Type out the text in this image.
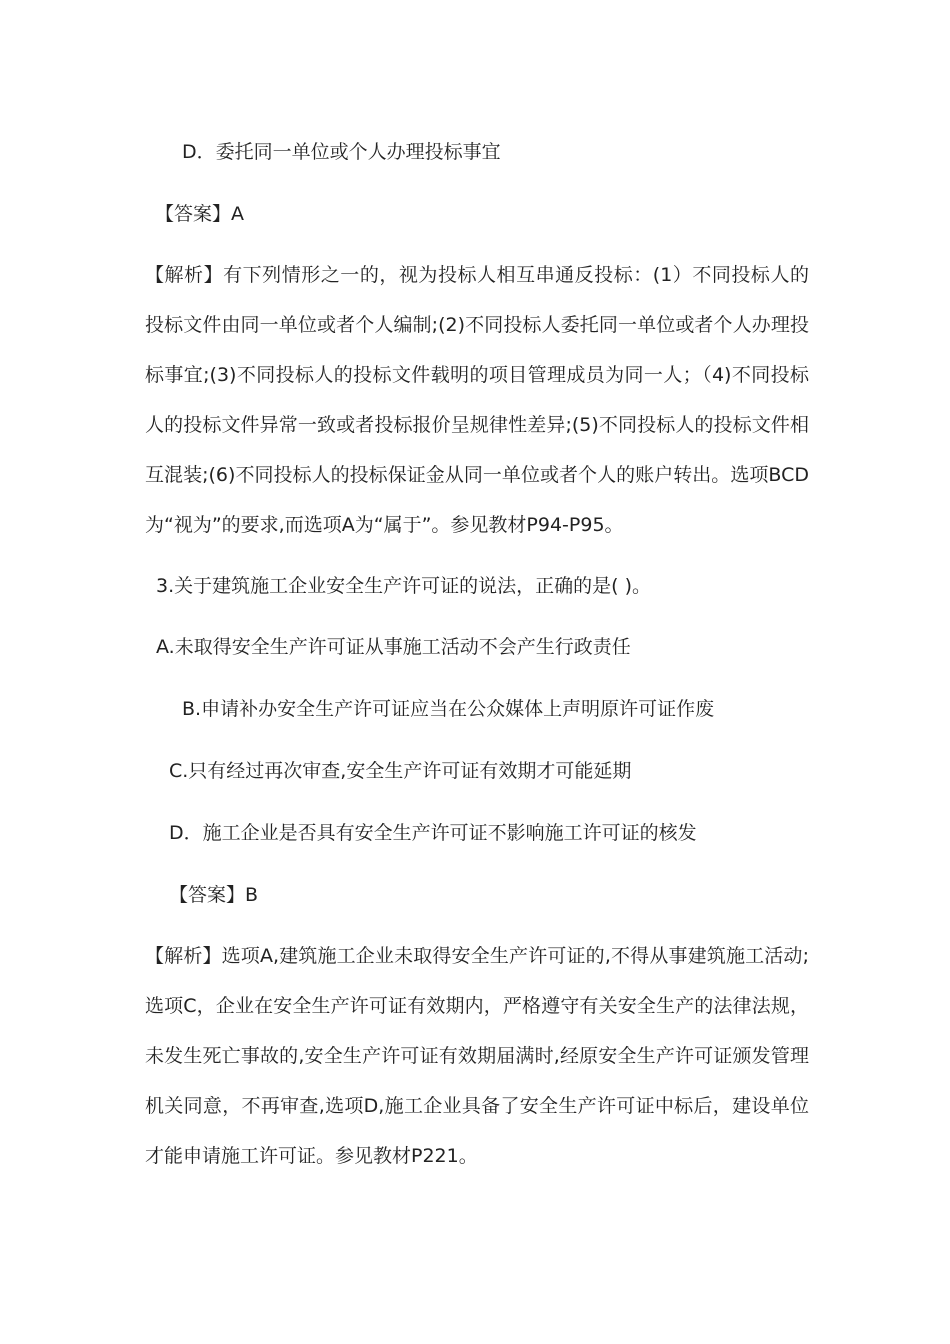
D．委托同一单位或个人办理投标事宜
【答案】A
【解析】有下列情形之一的，视为投标人相互串通反投标：(1）不同投标人的投标文件由同一单位或者个人编制;(2)不同投标人委托同一单位或者个人办理投标事宜;(3)不同投标人的投标文件载明的项目管理成员为同一人；（4)不同投标人的投标文件异常一致或者投标报价呈规律性差异;(5)不同投标人的投标文件相互混装;(6)不同投标人的投标保证金从同一单位或者个人的账户转出。选项BCD为“视为”的要求,而选项A为“属于”。参见教材P94-P95。
3.关于建筑施工企业安全生产许可证的说法，正确的是( )。
A.未取得安全生产许可证从事施工活动不会产生行政责任
B.申请补办安全生产许可证应当在公众媒体上声明原许可证作废
C.只有经过再次审查,安全生产许可证有效期才可能延期
D．施工企业是否具有安全生产许可证不影响施工许可证的核发
【答案】B
【解析】选项A,建筑施工企业未取得安全生产许可证的,不得从事建筑施工活动;选项C，企业在安全生产许可证有效期内，严格遵守有关安全生产的法律法规，未发生死亡事故的,安全生产许可证有效期届满时,经原安全生产许可证颁发管理机关同意，不再审查,选项D,施工企业具备了安全生产许可证中标后，建设单位才能申请施工许可证。参见教材P221。
